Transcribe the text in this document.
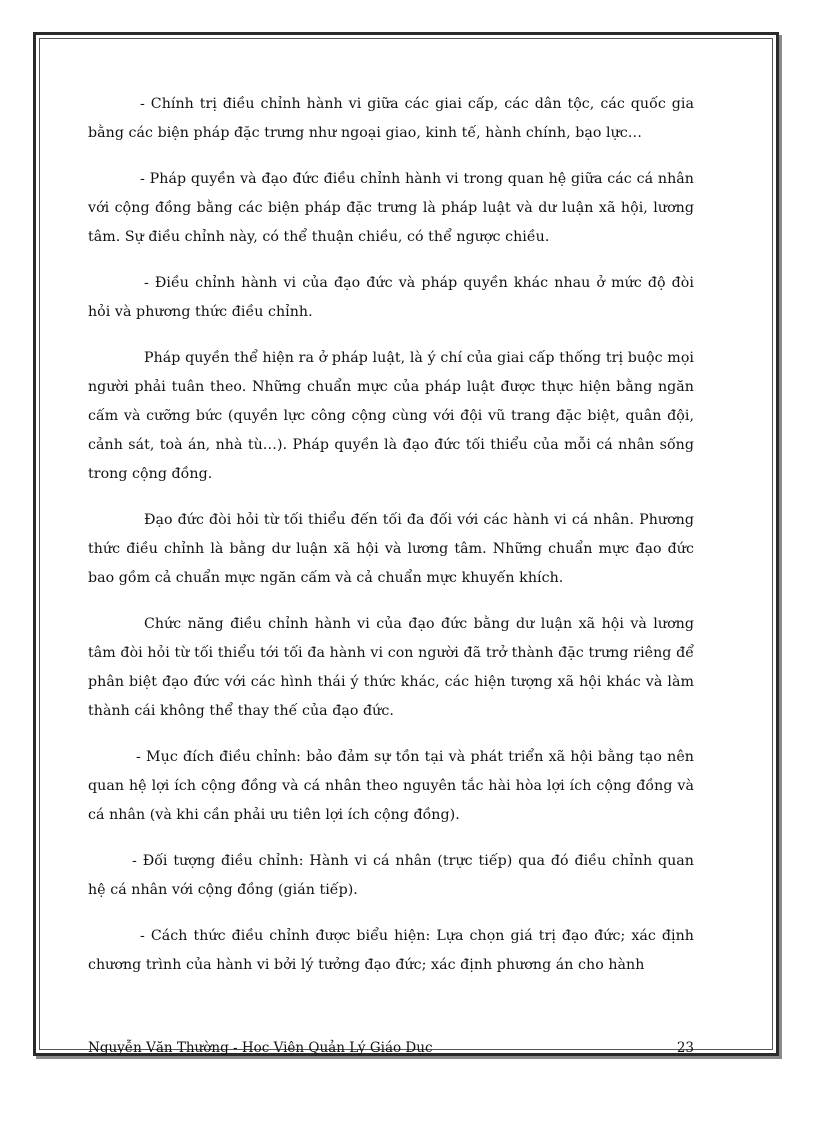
- Chính trị điều chỉnh hành vi giữa các giai cấp, các dân tộc, các quốc gia bằng các biện pháp đặc trưng như ngoại giao, kinh tế, hành chính, bạo lực…

- Pháp quyền và đạo đức điều chỉnh hành vi trong quan hệ giữa các cá nhân với cộng đồng bằng các biện pháp đặc trưng là pháp luật và dư luận xã hội, lương tâm. Sự điều chỉnh này, có thể thuận chiều, có thể ngược chiều.

- Điều chỉnh hành vi của đạo đức và pháp quyền khác nhau ở mức độ đòi hỏi và phương thức điều chỉnh.

Pháp quyền thể hiện ra ở pháp luật, là ý chí của giai cấp thống trị buộc mọi người phải tuân theo. Những chuẩn mực của pháp luật được thực hiện bằng ngăn cấm và cưỡng bức (quyền lực công cộng cùng với đội vũ trang đặc biệt, quân đội, cảnh sát, toà án, nhà tù…). Pháp quyền là đạo đức tối thiểu của mỗi cá nhân sống trong cộng đồng.

Đạo đức đòi hỏi từ tối thiểu đến tối đa đối với các hành vi cá nhân. Phương thức điều chỉnh là bằng dư luận xã hội và lương tâm. Những chuẩn mực đạo đức bao gồm cả chuẩn mực ngăn cấm và cả chuẩn mực khuyến khích.

Chức năng điều chỉnh hành vi của đạo đức bằng dư luận xã hội và lương tâm đòi hỏi từ tối thiểu tới tối đa hành vi con người đã trở thành đặc trưng riêng để phân biệt đạo đức với các hình thái ý thức khác, các hiện tượng xã hội khác và làm thành cái không thể thay thế của đạo đức.

- Mục đích điều chỉnh: bảo đảm sự tồn tại và phát triển xã hội bằng tạo nên quan hệ lợi ích cộng đồng và cá nhân theo nguyên tắc hài hòa lợi ích cộng đồng và cá nhân (và khi cần phải ưu tiên lợi ích cộng đồng).

- Đối tượng điều chỉnh: Hành vi cá nhân (trực tiếp) qua đó điều chỉnh quan hệ cá nhân với cộng đồng (gián tiếp).

- Cách thức điều chỉnh được biểu hiện: Lựa chọn giá trị đạo đức; xác định chương trình của hành vi bởi lý tưởng đạo đức; xác định phương án cho hành

Nguyễn Văn Thường - Học Viện Quản Lý Giáo Dục	23
